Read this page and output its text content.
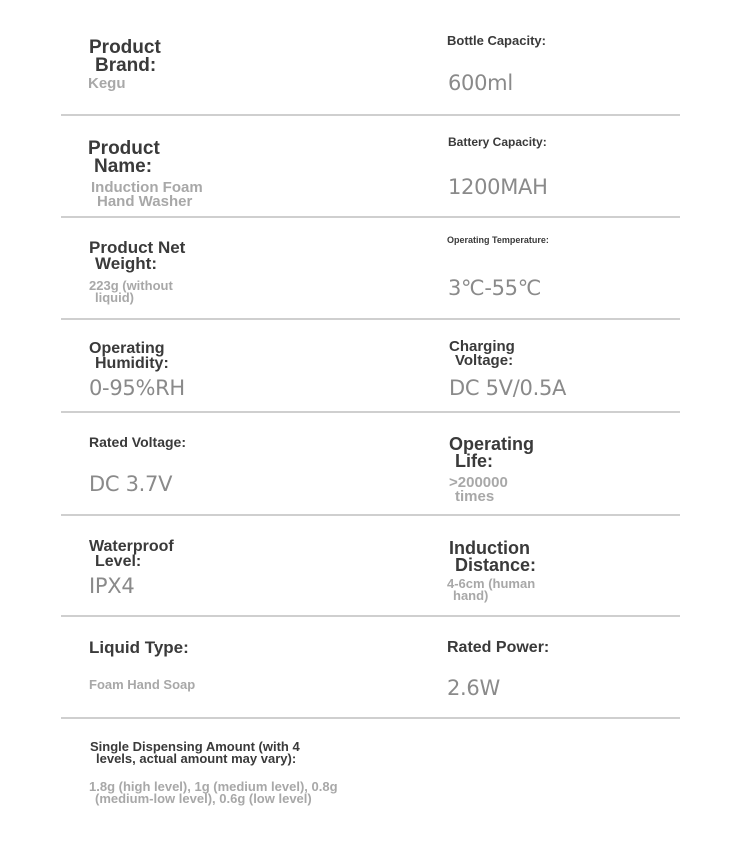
Product
Brand:
Kegu
Bottle Capacity:
600ml
Product
Name:
Induction Foam
Hand Washer
Battery Capacity:
1200MAH
Product Net
Weight:
223g (without
liquid)
Operating Temperature:
3℃-55℃
Operating
Humidity:
0-95%RH
Charging
Voltage:
DC 5V/0.5A
Rated Voltage:
DC 3.7V
Operating
Life:
>200000
times
Waterproof
Level:
IPX4
Induction
Distance:
4-6cm (human
hand)
Liquid Type:
Foam Hand Soap
Rated Power:
2.6W
Single Dispensing Amount (with 4
levels, actual amount may vary):
1.8g (high level), 1g (medium level), 0.8g
(medium-low level), 0.6g (low level)
